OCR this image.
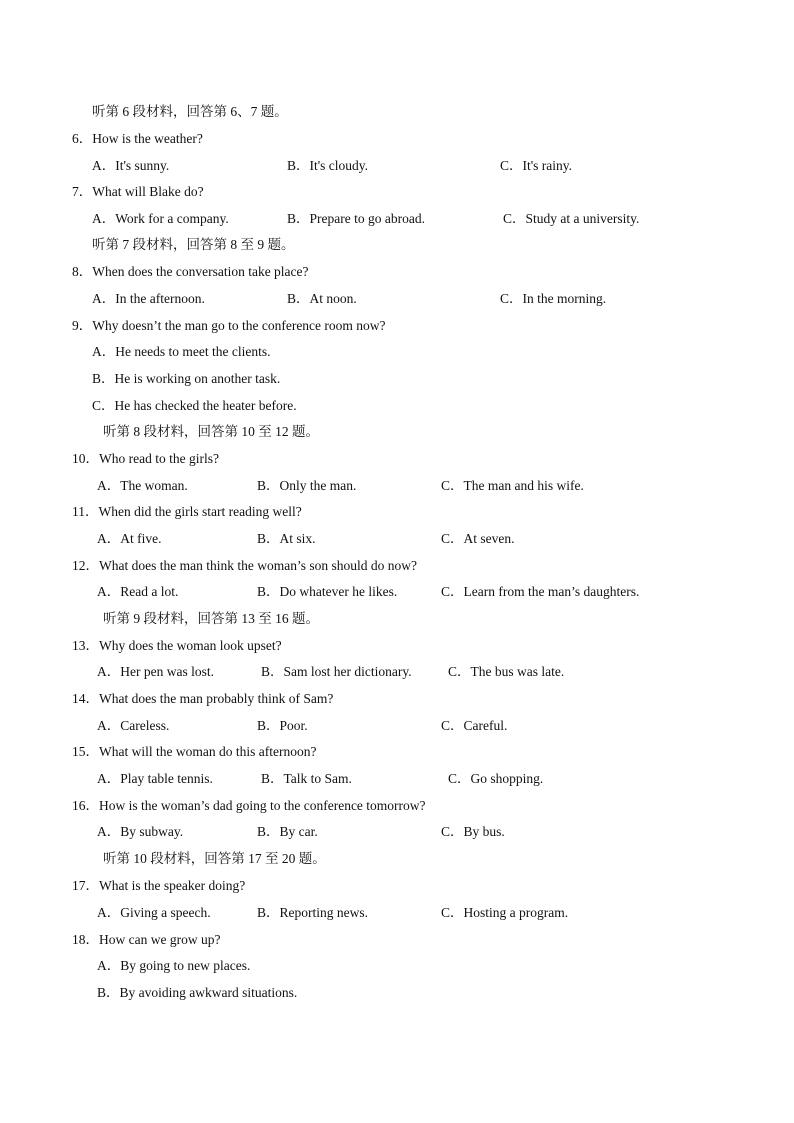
听第 6 段材料，回答第 6、7 题。
6．How is the weather?
A．It's sunny.	B．It's cloudy.	C．It's rainy.
7．What will Blake do?
A．Work for a company.	B．Prepare to go abroad.	C．Study at a university.
听第 7 段材料，回答第 8 至 9 题。
8．When does the conversation take place?
A．In the afternoon.	B．At noon.	C．In the morning.
9．Why doesn’t the man go to the conference room now?
A．He needs to meet the clients.
B．He is working on another task.
C．He has checked the heater before.
听第 8 段材料，回答第 10 至 12 题。
10．Who read to the girls?
A．The woman.	B．Only the man.	C．The man and his wife.
11．When did the girls start reading well?
A．At five.	B．At six.	C．At seven.
12．What does the man think the woman’s son should do now?
A．Read a lot.	B．Do whatever he likes.	C．Learn from the man’s daughters.
听第 9 段材料，回答第 13 至 16 题。
13．Why does the woman look upset?
A．Her pen was lost.	B．Sam lost her dictionary.	C．The bus was late.
14．What does the man probably think of Sam?
A．Careless.	B．Poor.	C．Careful.
15．What will the woman do this afternoon?
A．Play table tennis.	B．Talk to Sam.	C．Go shopping.
16．How is the woman’s dad going to the conference tomorrow?
A．By subway.	B．By car.	C．By bus.
听第 10 段材料，回答第 17 至 20 题。
17．What is the speaker doing?
A．Giving a speech.	B．Reporting news.	C．Hosting a program.
18．How can we grow up?
A．By going to new places.
B．By avoiding awkward situations.
